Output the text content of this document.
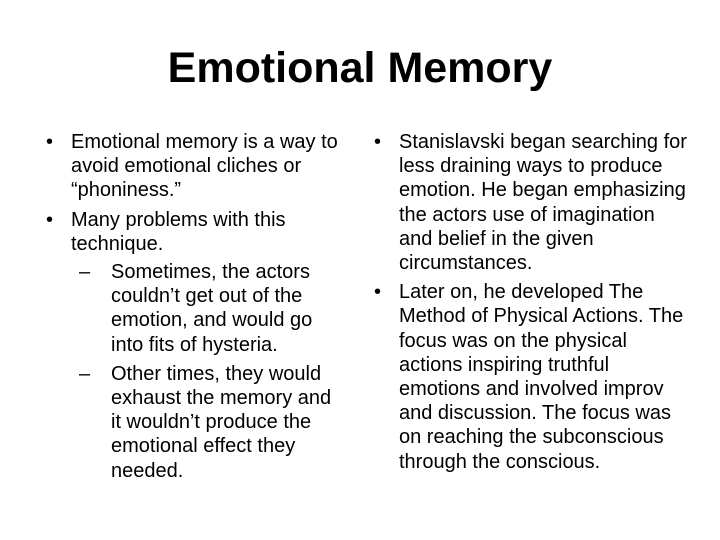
Emotional Memory
• Emotional memory is a way to avoid emotional cliches or “phoniness.”
• Many problems with this technique.
–	Sometimes, the actors couldn’t get out of the emotion, and would go into fits of hysteria.
–	Other times, they would exhaust the memory and it wouldn’t produce the emotional effect they needed.
• Stanislavski began searching for less draining ways to produce emotion. He began emphasizing the actors use of imagination and belief in the given circumstances.
• Later on, he developed The Method of Physical Actions. The focus was on the physical actions inspiring truthful emotions and involved improv and discussion. The focus was on reaching the subconscious through the conscious.
